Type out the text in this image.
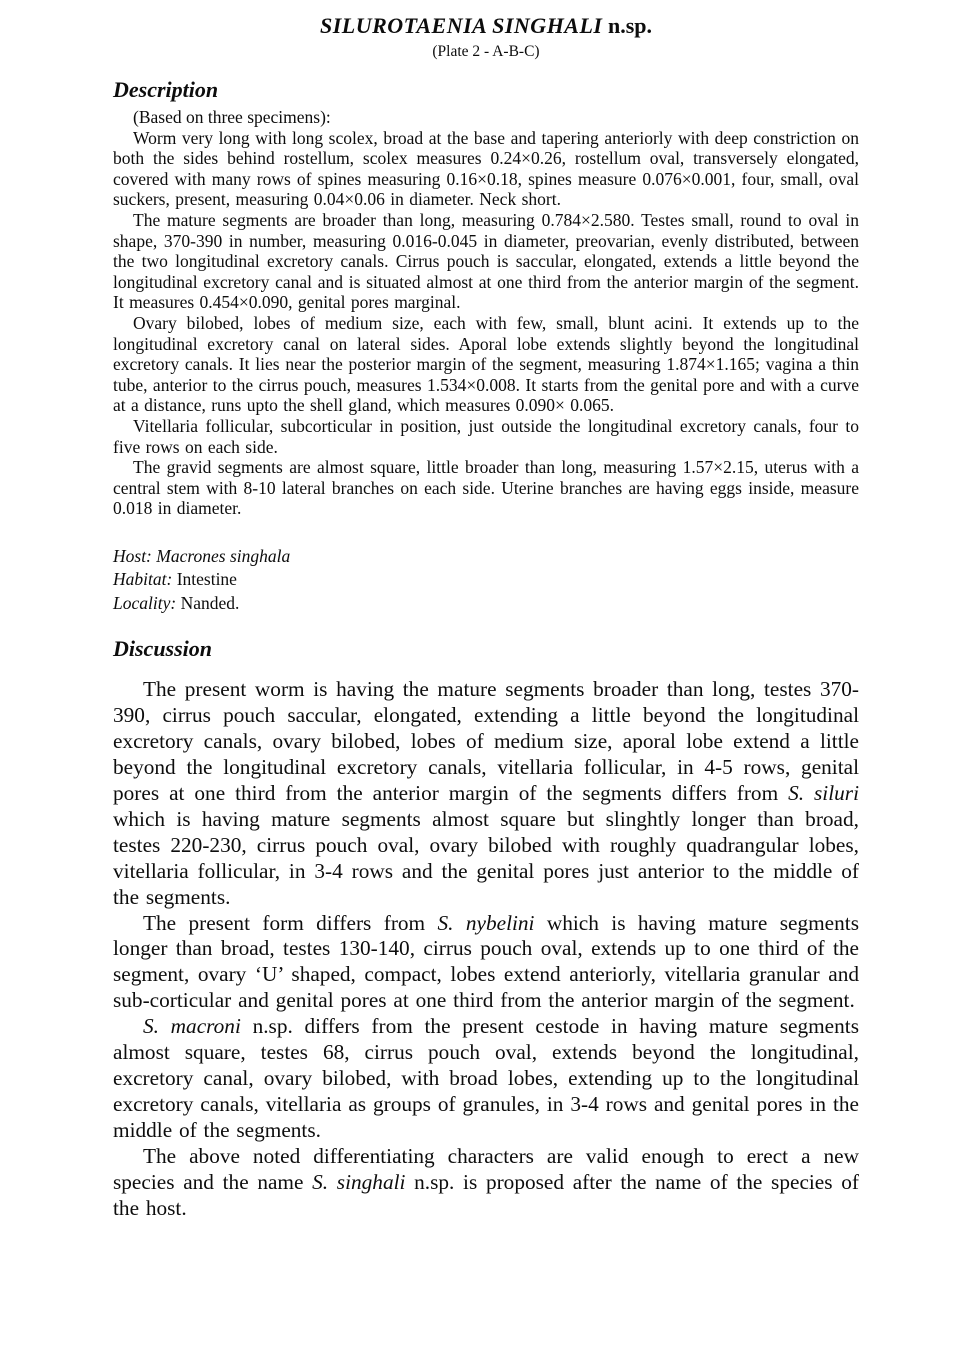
SILUROTAENIA SINGHALI n.sp.
(Plate 2 - A-B-C)
Description
(Based on three specimens):

Worm very long with long scolex, broad at the base and tapering anteriorly with deep constriction on both the sides behind rostellum, scolex measures 0.24×0.26, rostellum oval, transversely elongated, covered with many rows of spines measuring 0.16×0.18, spines measure 0.076×0.001, four, small, oval suckers, present, measuring 0.04×0.06 in diameter. Neck short.

The mature segments are broader than long, measuring 0.784×2.580. Testes small, round to oval in shape, 370-390 in number, measuring 0.016-0.045 in diameter, preovarian, evenly distributed, between the two longitudinal excretory canals. Cirrus pouch is saccular, elongated, extends a little beyond the longitudinal excretory canal and is situated almost at one third from the anterior margin of the segment. It measures 0.454×0.090, genital pores marginal.

Ovary bilobed, lobes of medium size, each with few, small, blunt acini. It extends up to the longitudinal excretory canal on lateral sides. Aporal lobe extends slightly beyond the longitudinal excretory canals. It lies near the posterior margin of the segment, measuring 1.874×1.165; vagina a thin tube, anterior to the cirrus pouch, measures 1.534×0.008. It starts from the genital pore and with a curve at a distance, runs upto the shell gland, which measures 0.090× 0.065.

Vitellaria follicular, subcorticular in position, just outside the longitudinal excretory canals, four to five rows on each side.

The gravid segments are almost square, little broader than long, measuring 1.57×2.15, uterus with a central stem with 8-10 lateral branches on each side. Uterine branches are having eggs inside, measure 0.018 in diameter.

Host: Macrones singhala
Habitat: Intestine
Locality: Nanded.
Discussion

The present worm is having the mature segments broader than long, testes 370-390, cirrus pouch saccular, elongated, extending a little beyond the longitudinal excretory canals, ovary bilobed, lobes of medium size, aporal lobe extend a little beyond the longitudinal excretory canals, vitellaria follicular, in 4-5 rows, genital pores at one third from the anterior margin of the segments differs from S. siluri which is having mature segments almost square but slinghtly longer than broad, testes 220-230, cirrus pouch oval, ovary bilobed with roughly quadrangular lobes, vitellaria follicular, in 3-4 rows and the genital pores just anterior to the middle of the segments.

The present form differs from S. nybelini which is having mature segments longer than broad, testes 130-140, cirrus pouch oval, extends up to one third of the segment, ovary ‘U’ shaped, compact, lobes extend anteriorly, vitellaria granular and sub-corticular and genital pores at one third from the anterior margin of the segment.

S. macroni n.sp. differs from the present cestode in having mature segments almost square, testes 68, cirrus pouch oval, extends beyond the longitudinal, excretory canal, ovary bilobed, with broad lobes, extending up to the longitudinal excretory canals, vitellaria as groups of granules, in 3-4 rows and genital pores in the middle of the segments.

The above noted differentiating characters are valid enough to erect a new species and the name S. singhali n.sp. is proposed after the name of the species of the host.
